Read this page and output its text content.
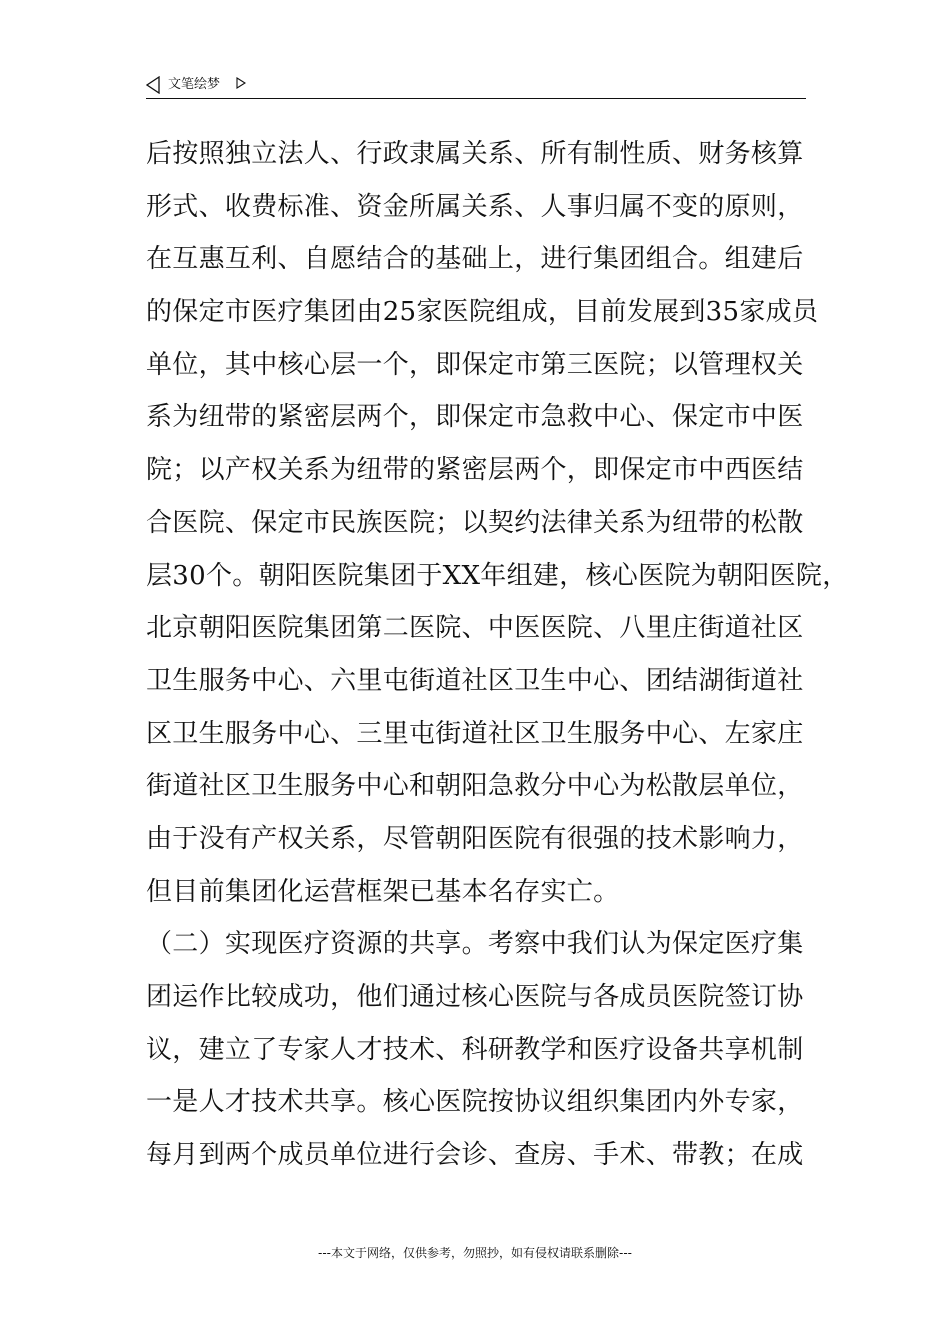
文笔绘梦
后按照独立法人、行政隶属关系、所有制性质、财务核算
形式、收费标准、资金所属关系、人事归属不变的原则，
在互惠互利、自愿结合的基础上，进行集团组合。组建后
的保定市医疗集团由25家医院组成，目前发展到35家成员
单位，其中核心层一个，即保定市第三医院；以管理权关
系为纽带的紧密层两个，即保定市急救中心、保定市中医
院；以产权关系为纽带的紧密层两个，即保定市中西医结
合医院、保定市民族医院；以契约法律关系为纽带的松散
层30个。朝阳医院集团于XX年组建，核心医院为朝阳医院，
北京朝阳医院集团第二医院、中医医院、八里庄街道社区
卫生服务中心、六里屯街道社区卫生中心、团结湖街道社
区卫生服务中心、三里屯街道社区卫生服务中心、左家庄
街道社区卫生服务中心和朝阳急救分中心为松散层单位，
由于没有产权关系，尽管朝阳医院有很强的技术影响力，
但目前集团化运营框架已基本名存实亡。
（二）实现医疗资源的共享。考察中我们认为保定医疗集
团运作比较成功，他们通过核心医院与各成员医院签订协
议，建立了专家人才技术、科研教学和医疗设备共享机制
一是人才技术共享。核心医院按协议组织集团内外专家，
每月到两个成员单位进行会诊、查房、手术、带教；在成
---本文于网络，仅供参考，勿照抄，如有侵权请联系删除---
